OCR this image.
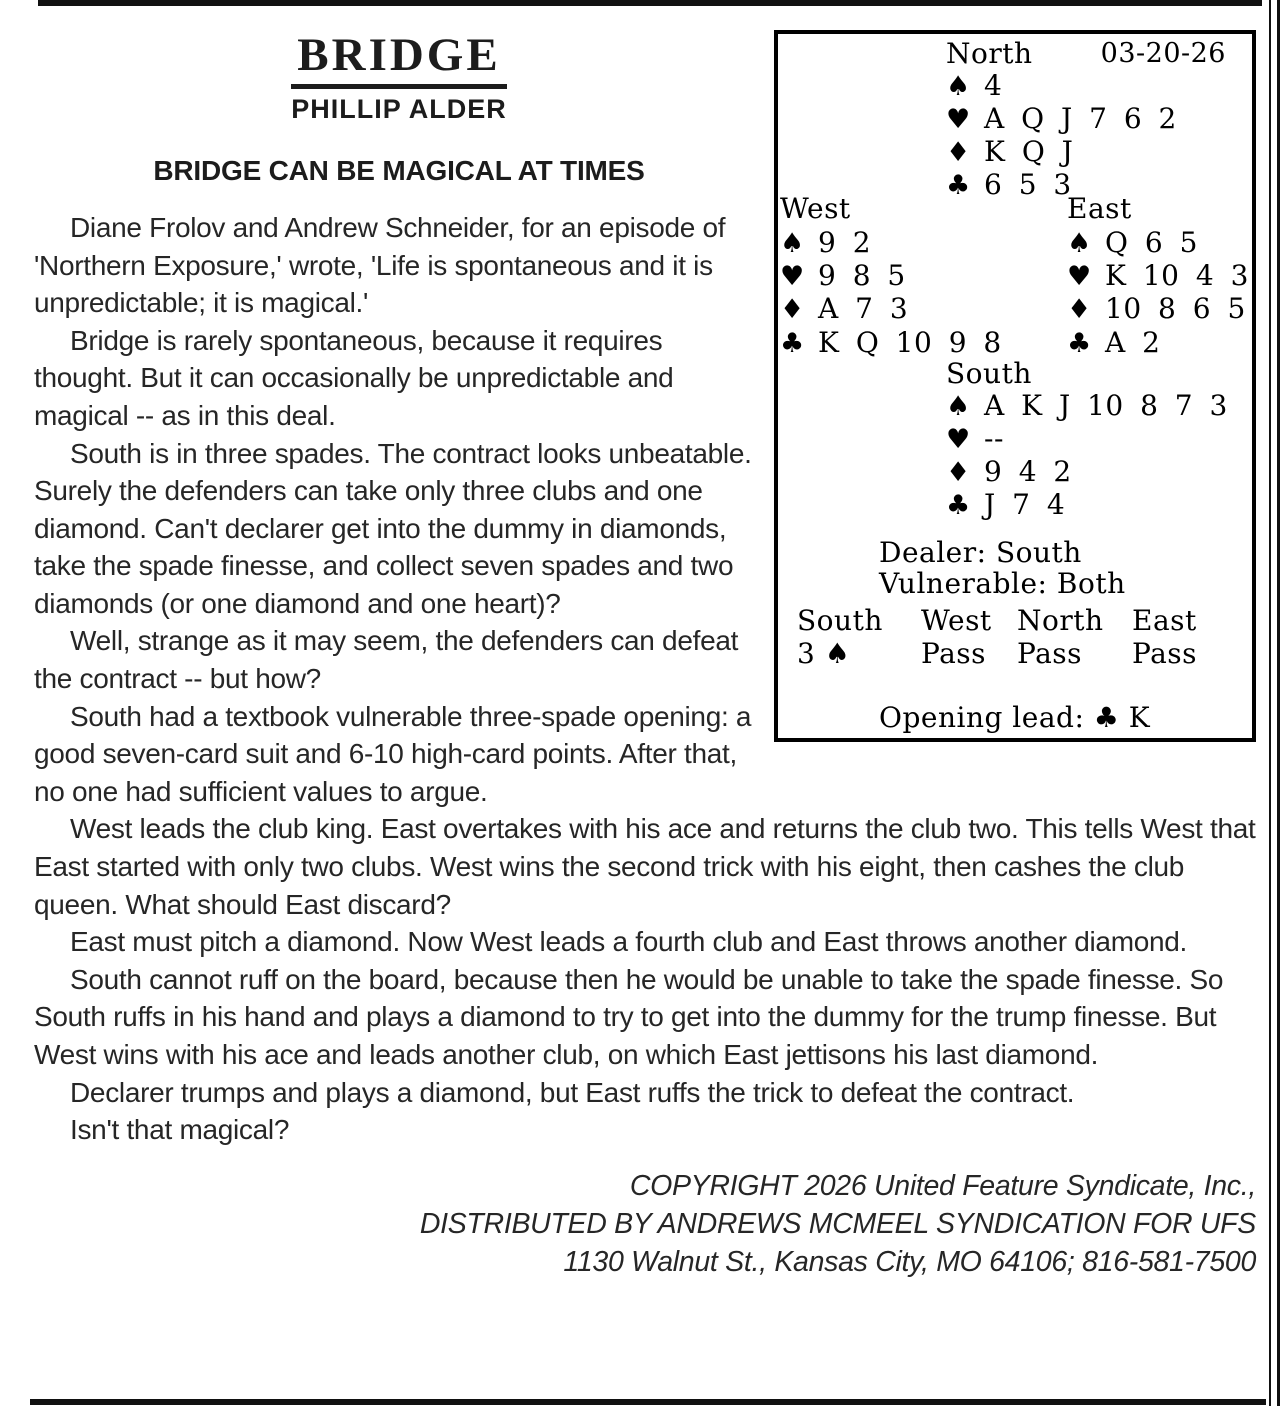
North	03-20-26
♠ 4
♥ A Q J 7 6 2
♦ K Q J
♣ 6 5 3
West
♠ 9 2
♥ 9 8 5
♦ A 7 3
♣ K Q 10 9 8
East
♠ Q 6 5
♥ K 10 4 3
♦ 10 8 6 5
♣ A 2
South
♠ A K J 10 8 7 3
♥ --
♦ 9 4 2
♣ J 7 4
Dealer: South
Vulnerable: Both
South West North East
3 ♠	Pass Pass Pass
Opening lead: ♣ K
BRIDGE
PHILLIP ALDER
BRIDGE CAN BE MAGICAL AT TIMES

Diane Frolov and Andrew Schneider, for an episode of 'Northern Exposure,' wrote, 'Life is spontaneous and it is unpredictable; it is magical.'

Bridge is rarely spontaneous, because it requires thought. But it can occasionally be unpredictable and magical -- as in this deal.

South is in three spades. The contract looks unbeatable. Surely the defenders can take only three clubs and one diamond. Can't declarer get into the dummy in diamonds, take the spade finesse, and collect seven spades and two diamonds (or one diamond and one heart)?

Well, strange as it may seem, the defenders can defeat the contract -- but how?

South had a textbook vulnerable three-spade opening: a good seven-card suit and 6-10 high-card points. After that, no one had sufficient values to argue.

West leads the club king. East overtakes with his ace and returns the club two. This tells West that East started with only two clubs. West wins the second trick with his eight, then cashes the club queen. What should East discard?

East must pitch a diamond. Now West leads a fourth club and East throws another diamond.

South cannot ruff on the board, because then he would be unable to take the spade finesse. So South ruffs in his hand and plays a diamond to try to get into the dummy for the trump finesse. But West wins with his ace and leads another club, on which East jettisons his last diamond.

Declarer trumps and plays a diamond, but East ruffs the trick to defeat the contract.

Isn't that magical?

COPYRIGHT 2026 United Feature Syndicate, Inc.,
DISTRIBUTED BY ANDREWS MCMEEL SYNDICATION FOR UFS
1130 Walnut St., Kansas City, MO 64106; 816-581-7500
